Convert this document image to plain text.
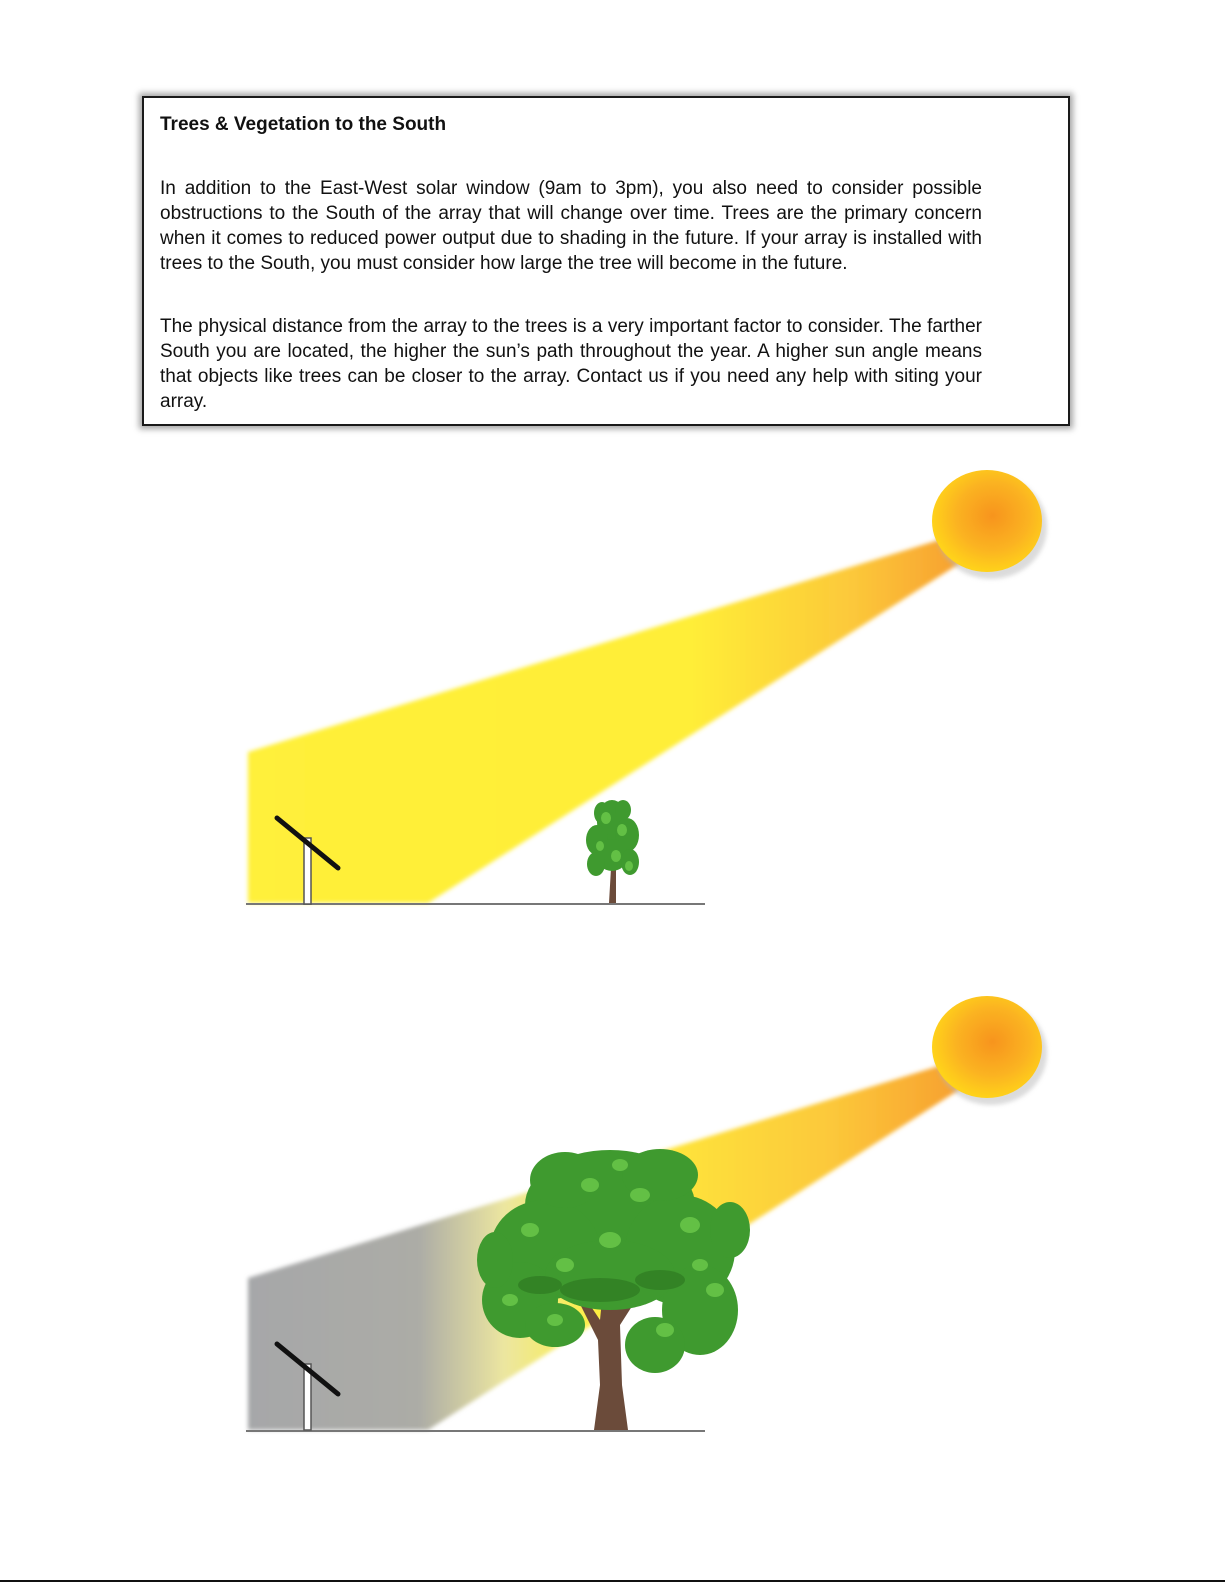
Trees & Vegetation to the South

In addition to the East-West solar window (9am to 3pm), you also need to consider possible obstructions to the South of the array that will change over time. Trees are the primary concern when it comes to reduced power output due to shading in the future. If your array is installed with trees to the South, you must consider how large the tree will become in the future.

The physical distance from the array to the trees is a very important factor to consider. The farther South you are located, the higher the sun’s path throughout the year. A higher sun angle means that objects like trees can be closer to the array. Contact us if you need any help with siting your array.
